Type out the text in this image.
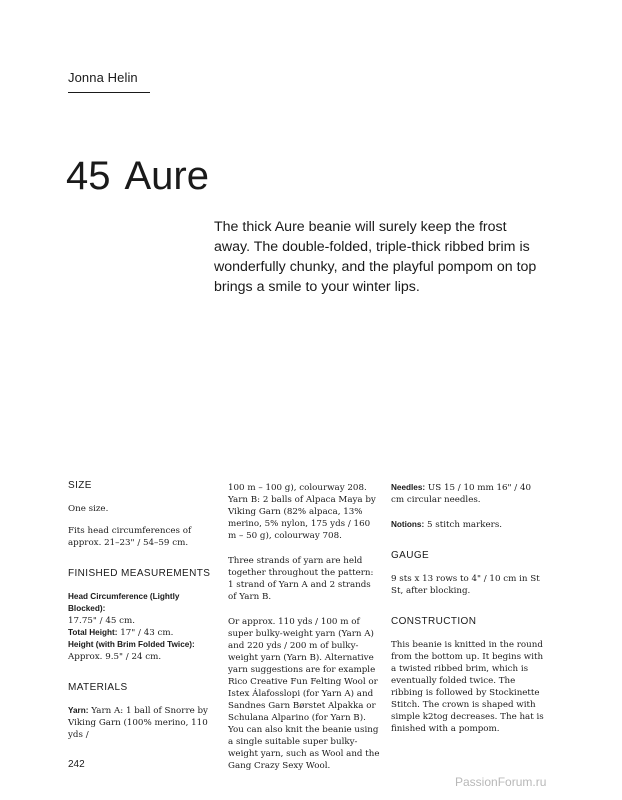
Jonna Helin
45 Aure

The thick Aure beanie will surely keep the frost away. The double-folded, triple-thick ribbed brim is wonderfully chunky, and the playful pompom on top brings a smile to your winter lips.

SIZE

One size.

Fits head circumferences of approx. 21–23" / 54–59 cm.

FINISHED MEASUREMENTS

Head Circumference (Lightly Blocked):
17.75" / 45 cm.

Total Height: 17" / 43 cm.

Height (with Brim Folded Twice):
Approx. 9.5" / 24 cm.

MATERIALS

Yarn: Yarn A: 1 ball of Snorre by Viking Garn (100% merino, 110 yds /

100 m – 100 g), colourway 208.

Yarn B: 2 balls of Alpaca Maya by Viking Garn (82% alpaca, 13% merino, 5% nylon, 175 yds / 160 m – 50 g), colourway 708.

Three strands of yarn are held together throughout the pattern: 1 strand of Yarn A and 2 strands of Yarn B.

Or approx. 110 yds / 100 m of super bulky-weight yarn (Yarn A) and 220 yds / 200 m of bulky-weight yarn (Yarn B). Alternative yarn suggestions are for example Rico Creative Fun Felting Wool or Istex Álafosslopi (for Yarn A) and Sandnes Garn Børstet Alpakka or Schulana Alparino (for Yarn B). You can also knit the beanie using a single suitable super bulky-weight yarn, such as Wool and the Gang Crazy Sexy Wool.

Needles: US 15 / 10 mm 16" / 40 cm circular needles.

Notions: 5 stitch markers.

GAUGE

9 sts x 13 rows to 4" / 10 cm in St St, after blocking.

CONSTRUCTION

This beanie is knitted in the round from the bottom up. It begins with a twisted ribbed brim, which is eventually folded twice. The ribbing is followed by Stockinette Stitch. The crown is shaped with simple k2tog decreases. The hat is finished with a pompom.

242
PassionForum.ru
